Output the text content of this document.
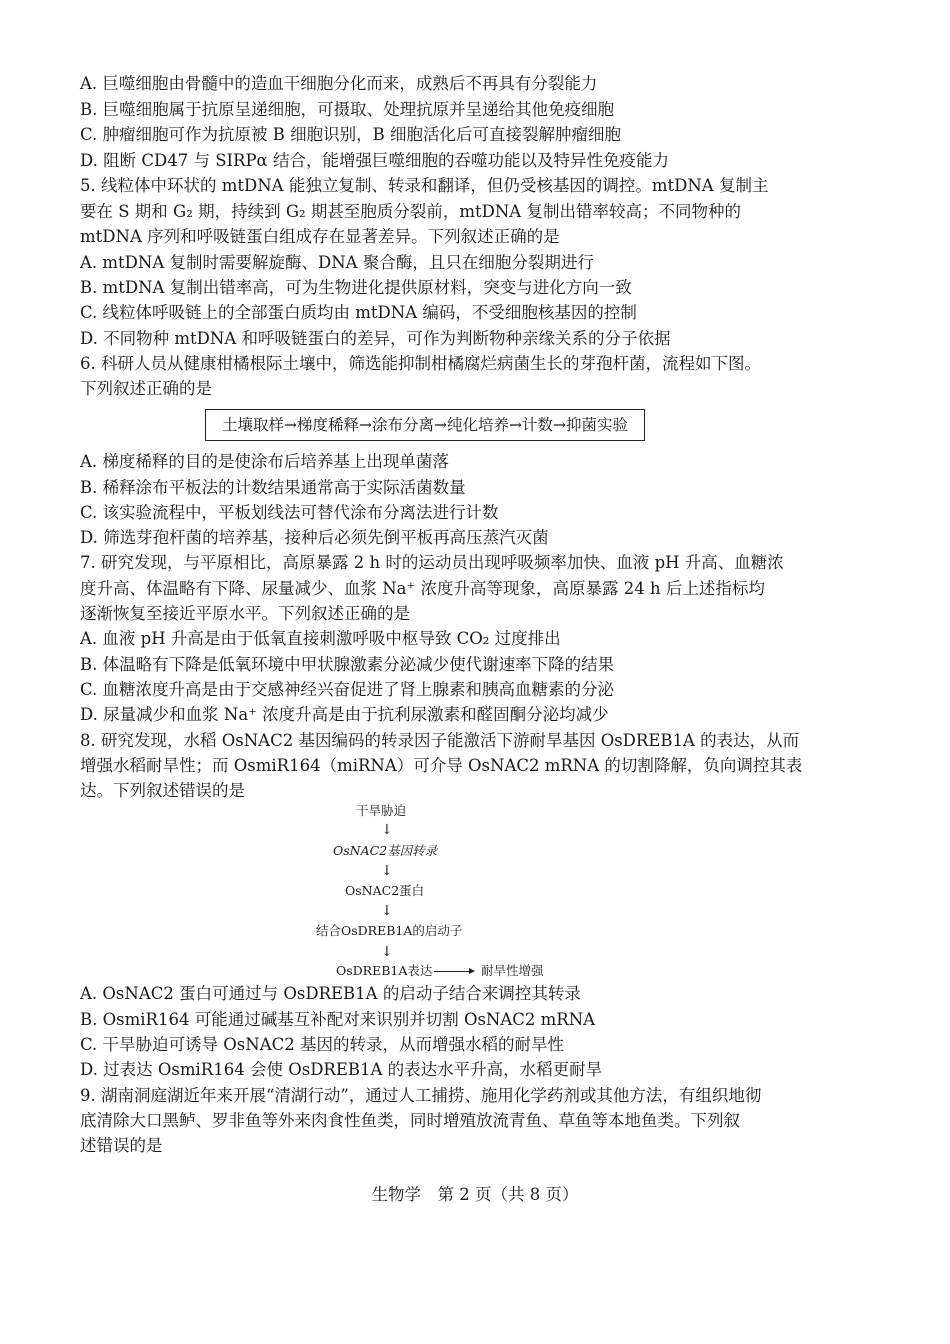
A. 巨噬细胞由骨髓中的造血干细胞分化而来，成熟后不再具有分裂能力
B. 巨噬细胞属于抗原呈递细胞，可摄取、处理抗原并呈递给其他免疫细胞
C. 肿瘤细胞可作为抗原被 B 细胞识别，B 细胞活化后可直接裂解肿瘤细胞
D. 阻断 CD47 与 SIRPα 结合，能增强巨噬细胞的吞噬功能以及特异性免疫能力
5. 线粒体中环状的 mtDNA 能独立复制、转录和翻译，但仍受核基因的调控。mtDNA 复制主
要在 S 期和 G₂ 期，持续到 G₂ 期甚至胞质分裂前，mtDNA 复制出错率较高；不同物种的
mtDNA 序列和呼吸链蛋白组成存在显著差异。下列叙述正确的是
A. mtDNA 复制时需要解旋酶、DNA 聚合酶，且只在细胞分裂期进行
B. mtDNA 复制出错率高，可为生物进化提供原材料，突变与进化方向一致
C. 线粒体呼吸链上的全部蛋白质均由 mtDNA 编码，不受细胞核基因的控制
D. 不同物种 mtDNA 和呼吸链蛋白的差异，可作为判断物种亲缘关系的分子依据
6. 科研人员从健康柑橘根际土壤中，筛选能抑制柑橘腐烂病菌生长的芽孢杆菌，流程如下图。
下列叙述正确的是
土壤取样→梯度稀释→涂布分离→纯化培养→计数→抑菌实验
A. 梯度稀释的目的是使涂布后培养基上出现单菌落
B. 稀释涂布平板法的计数结果通常高于实际活菌数量
C. 该实验流程中，平板划线法可替代涂布分离法进行计数
D. 筛选芽孢杆菌的培养基，接种后必须先倒平板再高压蒸汽灭菌
7. 研究发现，与平原相比，高原暴露 2 h 时的运动员出现呼吸频率加快、血液 pH 升高、血糖浓
度升高、体温略有下降、尿量减少、血浆 Na⁺ 浓度升高等现象，高原暴露 24 h 后上述指标均
逐渐恢复至接近平原水平。下列叙述正确的是
A. 血液 pH 升高是由于低氧直接刺激呼吸中枢导致 CO₂ 过度排出
B. 体温略有下降是低氧环境中甲状腺激素分泌减少使代谢速率下降的结果
C. 血糖浓度升高是由于交感神经兴奋促进了肾上腺素和胰高血糖素的分泌
D. 尿量减少和血浆 Na⁺ 浓度升高是由于抗利尿激素和醛固酮分泌均减少
8. 研究发现，水稻 OsNAC2 基因编码的转录因子能激活下游耐旱基因 OsDREB1A 的表达，从而
增强水稻耐旱性；而 OsmiR164（miRNA）可介导 OsNAC2 mRNA 的切割降解，负向调控其表
达。下列叙述错误的是
干旱胁迫
↓
OsNAC2基因转录
↓
OsNAC2蛋白
↓
结合OsDREB1A的启动子
↓
OsDREB1A表达	耐旱性增强
A. OsNAC2 蛋白可通过与 OsDREB1A 的启动子结合来调控其转录
B. OsmiR164 可能通过碱基互补配对来识别并切割 OsNAC2 mRNA
C. 干旱胁迫可诱导 OsNAC2 基因的转录，从而增强水稻的耐旱性
D. 过表达 OsmiR164 会使 OsDREB1A 的表达水平升高，水稻更耐旱
9. 湖南洞庭湖近年来开展“清湖行动”，通过人工捕捞、施用化学药剂或其他方法，有组织地彻
底清除大口黑鲈、罗非鱼等外来肉食性鱼类，同时增殖放流青鱼、草鱼等本地鱼类。下列叙
述错误的是
生物学　第 2 页（共 8 页）
